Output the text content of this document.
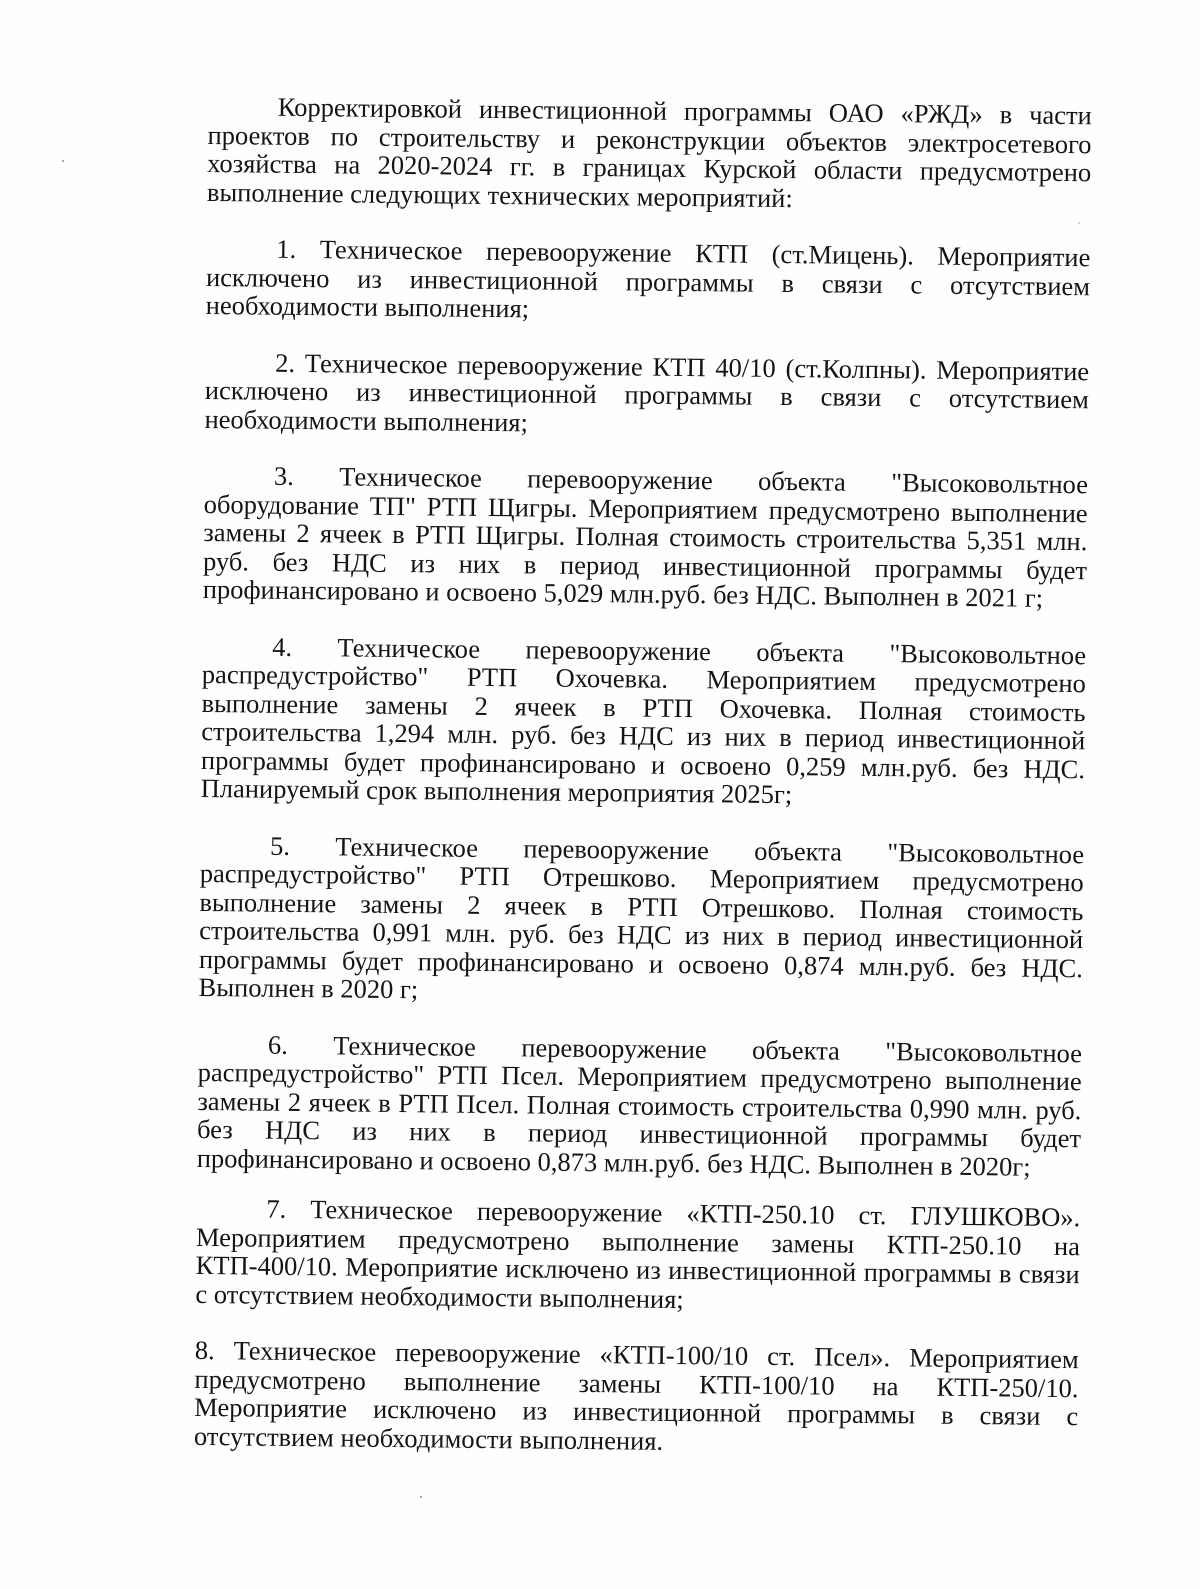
Корректировкой инвестиционной программы ОАО «РЖД» в части проектов по строительству и реконструкции объектов электросетевого хозяйства на 2020-2024 гг. в границах Курской области предусмотрено выполнение следующих технических мероприятий:

1. Техническое перевооружение КТП (ст.Мицень). Мероприятие исключено из инвестиционной программы в связи с отсутствием необходимости выполнения;

2. Техническое перевооружение КТП 40/10 (ст.Колпны). Мероприятие исключено из инвестиционной программы в связи с отсутствием необходимости выполнения;

3. Техническое перевооружение объекта "Высоковольтное оборудование ТП" РТП Щигры. Мероприятием предусмотрено выполнение замены 2 ячеек в РТП Щигры. Полная стоимость строительства 5,351 млн. руб. без НДС из них в период инвестиционной программы будет профинансировано и освоено 5,029 млн.руб. без НДС. Выполнен в 2021 г;

4. Техническое перевооружение объекта "Высоковольтное распредустройство" РТП Охочевка. Мероприятием предусмотрено выполнение замены 2 ячеек в РТП Охочевка. Полная стоимость строительства 1,294 млн. руб. без НДС из них в период инвестиционной программы будет профинансировано и освоено 0,259 млн.руб. без НДС. Планируемый срок выполнения мероприятия 2025г;

5. Техническое перевооружение объекта "Высоковольтное распредустройство" РТП Отрешково. Мероприятием предусмотрено выполнение замены 2 ячеек в РТП Отрешково. Полная стоимость строительства 0,991 млн. руб. без НДС из них в период инвестиционной программы будет профинансировано и освоено 0,874 млн.руб. без НДС. Выполнен в 2020 г;

6. Техническое перевооружение объекта "Высоковольтное распредустройство" РТП Псел. Мероприятием предусмотрено выполнение замены 2 ячеек в РТП Псел. Полная стоимость строительства 0,990 млн. руб. без НДС из них в период инвестиционной программы будет профинансировано и освоено 0,873 млн.руб. без НДС. Выполнен в 2020г;

7. Техническое перевооружение «КТП-250.10 ст. ГЛУШКОВО». Мероприятием предусмотрено выполнение замены КТП-250.10 на КТП-400/10. Мероприятие исключено из инвестиционной программы в связи с отсутствием необходимости выполнения;

8. Техническое перевооружение «КТП-100/10 ст. Псел». Мероприятием предусмотрено выполнение замены КТП-100/10 на КТП-250/10. Мероприятие исключено из инвестиционной программы в связи с отсутствием необходимости выполнения.
